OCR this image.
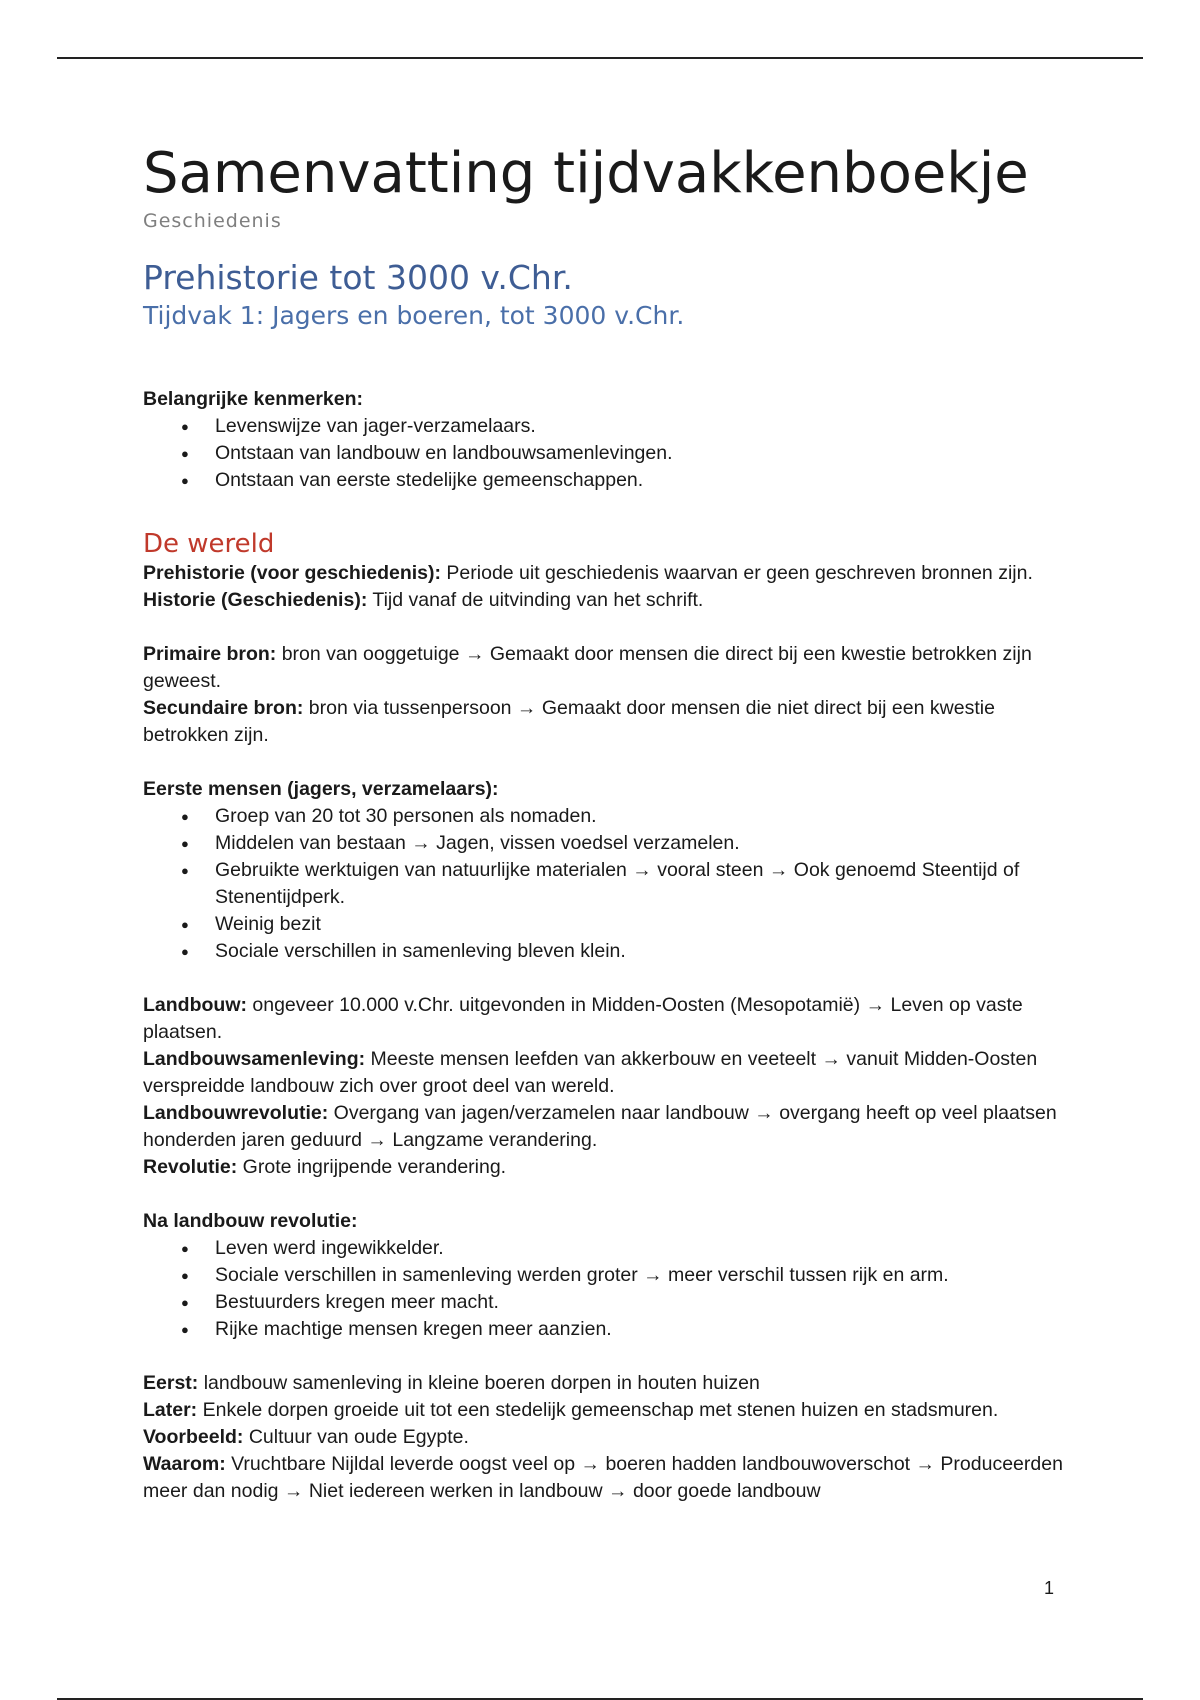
Samenvatting tijdvakkenboekje
Geschiedenis
Prehistorie tot 3000 v.Chr.
Tijdvak 1: Jagers en boeren, tot 3000 v.Chr.
Belangrijke kenmerken:
● Levenswijze van jager-verzamelaars.
● Ontstaan van landbouw en landbouwsamenlevingen.
● Ontstaan van eerste stedelijke gemeenschappen.
De wereld
Prehistorie (voor geschiedenis): Periode uit geschiedenis waarvan er geen geschreven bronnen zijn.
Historie (Geschiedenis): Tijd vanaf de uitvinding van het schrift.
Primaire bron: bron van ooggetuige → Gemaakt door mensen die direct bij een kwestie betrokken zijn geweest.
Secundaire bron: bron via tussenpersoon → Gemaakt door mensen die niet direct bij een kwestie betrokken zijn.
Eerste mensen (jagers, verzamelaars):
● Groep van 20 tot 30 personen als nomaden.
● Middelen van bestaan → Jagen, vissen voedsel verzamelen.
● Gebruikte werktuigen van natuurlijke materialen → vooral steen → Ook genoemd Steentijd of Stenentijdperk.
● Weinig bezit
● Sociale verschillen in samenleving bleven klein.
Landbouw: ongeveer 10.000 v.Chr. uitgevonden in Midden-Oosten (Mesopotamië) → Leven op vaste plaatsen.
Landbouwsamenleving: Meeste mensen leefden van akkerbouw en veeteelt → vanuit Midden-Oosten verspreidde landbouw zich over groot deel van wereld.
Landbouwrevolutie: Overgang van jagen/verzamelen naar landbouw → overgang heeft op veel plaatsen honderden jaren geduurd → Langzame verandering.
Revolutie: Grote ingrijpende verandering.
Na landbouw revolutie:
● Leven werd ingewikkelder.
● Sociale verschillen in samenleving werden groter → meer verschil tussen rijk en arm.
● Bestuurders kregen meer macht.
● Rijke machtige mensen kregen meer aanzien.
Eerst: landbouw samenleving in kleine boeren dorpen in houten huizen
Later: Enkele dorpen groeide uit tot een stedelijk gemeenschap met stenen huizen en stadsmuren.
Voorbeeld: Cultuur van oude Egypte.
Waarom: Vruchtbare Nijldal leverde oogst veel op → boeren hadden landbouwoverschot → Produceerden meer dan nodig → Niet iedereen werken in landbouw → door goede landbouw
1
